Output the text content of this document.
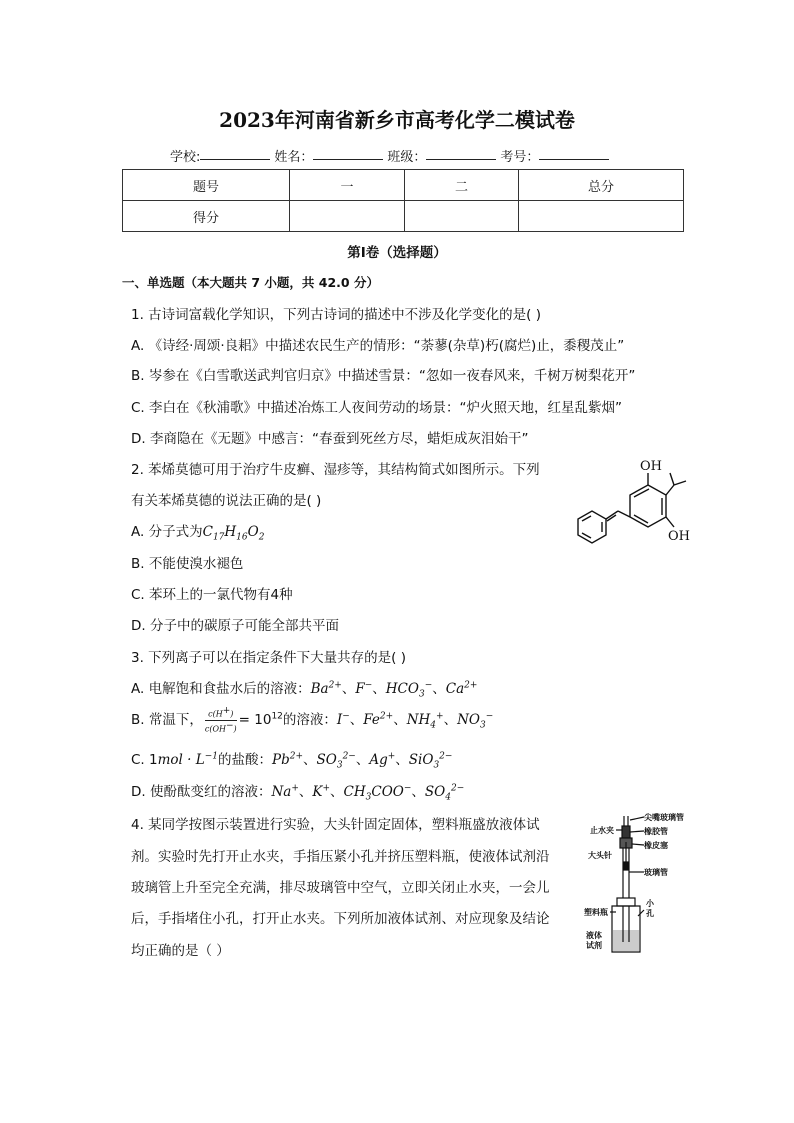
2023年河南省新乡市高考化学二模试卷
学校:	姓名：	班级：	考号：
题号	一	二	总分
得分			
第Ⅰ卷（选择题）
一、单选题（本大题共 7 小题，共 42.0 分）
1. 古诗词富载化学知识，下列古诗词的描述中不涉及化学变化的是( )
A. 《诗经·周颂·良耜》中描述农民生产的情形：“荼蓼(杂草)朽(腐烂)止，黍稷茂止”
B. 岑参在《白雪歌送武判官归京》中描述雪景：“忽如一夜春风来，千树万树梨花开”
C. 李白在《秋浦歌》中描述冶炼工人夜间劳动的场景：“炉火照天地，红星乱紫烟”
D. 李商隐在《无题》中感言：“春蚕到死丝方尽，蜡炬成灰泪始干”
2. 苯烯莫德可用于治疗牛皮癣、湿疹等，其结构简式如图所示。下列
有关苯烯莫德的说法正确的是( )
A. 分子式为$C_{17}H_{16}O_2$
B. 不能使溴水褪色
C. 苯环上的一氯代物有4种
D. 分子中的碳原子可能全部共平面
OH
OH
3. 下列离子可以在指定条件下大量共存的是( )
A. 电解饱和食盐水后的溶液：$Ba^{2+}$、F−、$HCO_3^-$、$Ca^{2+}$
B. 常温下， $\frac{c(H^+)}{c(OH^-)} = 10^{12}$的溶液：I−、$Fe^{2+}$、$NH_4^+$、$NO_3^-$
C. $1mol \cdot L^{-1}$的盐酸：$Pb^{2+}$、$SO_3^{2-}$、Ag+、SiO$_3^{2-}$
D. 使酚酞变红的溶液：Na+、K+、$CH_3COO^-$、$SO_4^{2-}$
4. 某同学按图示装置进行实验，大头针固定固体，塑料瓶盛放液体试
剂。实验时先打开止水夹，手指压紧小孔并挤压塑料瓶，使液体试剂沿
玻璃管上升至完全充满，排尽玻璃管中空气，立即关闭止水夹，一会儿
后，手指堵住小孔，打开止水夹。下列所加液体试剂、对应现象及结论
均正确的是（ ）
尖嘴玻璃管
止水夹	橡胶管
橡皮塞
大头针
玻璃管
塑料瓶
小
孔
液体
试剂
